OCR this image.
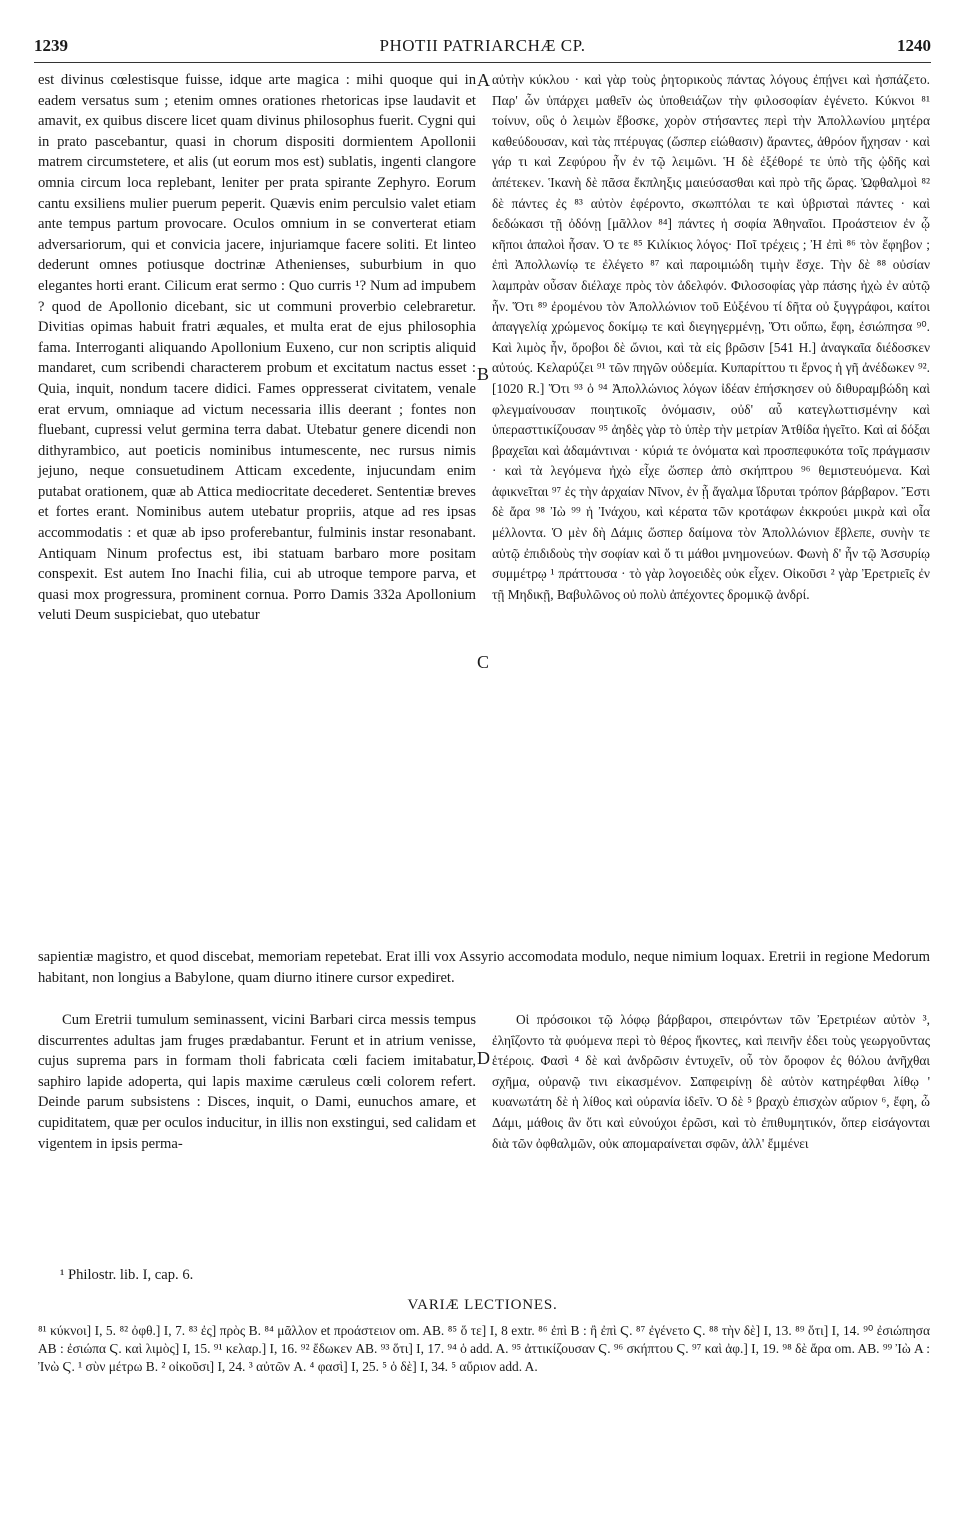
1239	PHOTII PATRIARCHÆ CP.	1240

est divinus cœlestisque fuisse, idque arte magica : mihi quoque qui in eadem versatus sum ; etenim omnes orationes rhetoricas ipse laudavit et amavit, ex quibus discere licet quam divinus philosophus fuerit. Cygni qui in prato pascebantur, quasi in chorum dispositi dormientem Apollonii matrem circumstetere, et alis (ut eorum mos est) sublatis, ingenti clangore omnia circum loca replebant, leniter per prata spirante Zephyro. Eorum cantu exsiliens mulier puerum peperit. Quævis enim perculsio valet etiam ante tempus partum provocare. Oculos omnium in se converterat etiam adversariorum, qui et convicia jacere, injuriamque facere soliti. Et linteo dederunt omnes potiusque doctrinæ Athenienses, suburbium in quo elegantes horti erant. Cilicum erat sermo : Quo curris ¹? Num ad impubem ? quod de Apollonio dicebant, sic ut communi proverbio celebraretur. Divitias opimas habuit fratri æquales, et multa erat de ejus philosophia fama. Interroganti aliquando Apollonium Euxeno, cur non scriptis aliquid mandaret, cum scribendi characterem probum et excitatum nactus esset : Quia, inquit, nondum tacere didici. Fames oppresserat civitatem, venale erat ervum, omniaque ad victum necessaria illis deerant ; fontes non fluebant, cupressi velut germina terra dabat. Utebatur genere dicendi non dithyrambico, aut poeticis nominibus intumescente, nec rursus nimis jejuno, neque consuetudinem Atticam excedente, injucundam enim putabat orationem, quæ ab Attica mediocritate decederet. Sententiæ breves et fortes erant. Nominibus autem utebatur propriis, atque ad res ipsas accommodatis : et quæ ab ipso proferebantur, fulminis instar resonabant. Antiquam Ninum profectus est, ibi statuam barbaro more positam conspexit. Est autem Ino Inachi filia, cui ab utroque tempore parva, et quasi mox progressura, prominent cornua. Porro Damis 332a Apollonium veluti Deum suspiciebat, quo utebatur

αὐτὴν κύκλου · καὶ γὰρ τοὺς ῥητορικοὺς πάντας λόγους ἐπῄνει καὶ ἠσπάζετο. Παρ' ὧν ὑπάρχει μαθεῖν ὡς ὑποθειάζων τὴν φιλοσοφίαν ἐγένετο. Κύκνοι ⁸¹ τοίνυν, οὓς ὁ λειμὼν ἔβοσκε, χορὸν στήσαντες περὶ τὴν Ἀπολλωνίου μητέρα καθεύδουσαν, καὶ τὰς πτέρυγας (ὥσπερ εἰώθασιν) ἄραντες, ἀθρόον ἤχησαν · καὶ γάρ τι καὶ Ζεφύρου ἦν ἐν τῷ λειμῶνι. Ἡ δὲ ἐξέθορέ τε ὑπὸ τῆς ᾠδῆς καὶ ἀπέτεκεν. Ἱκανὴ δὲ πᾶσα ἔκπληξις μαιεύσασθαι καὶ πρὸ τῆς ὥρας. Ὠφθαλμοὶ ⁸² δὲ πάντες ἐς ⁸³ αὐτὸν ἐφέροντο, σκωπτόλαι τε καὶ ὑβρισταὶ πάντες · καὶ δεδώκασι τῇ ὀδόνῃ [μᾶλλον ⁸⁴] πάντες ἡ σοφία Ἀθηναῖοι. Προάστειον ἐν ᾧ κῆποι ἁπαλοὶ ἦσαν. Ὁ τε ⁸⁵ Κιλίκιος λόγος· Ποῖ τρέχεις ; Ἠ ἐπὶ ⁸⁶ τὸν ἔφηβον ; ἐπὶ Ἀπολλωνίῳ τε ἐλέγετο ⁸⁷ καὶ παροιμιώδη τιμὴν ἔσχε. Τὴν δὲ ⁸⁸ οὐσίαν λαμπρὰν οὖσαν διέλαχε πρὸς τὸν ἀδελφόν. Φιλοσοφίας γὰρ πάσης ἠχὼ ἐν αὐτῷ ἦν. Ὅτι ⁸⁹ ἐρομένου τὸν Ἀπολλώνιον τοῦ Εὐξένου τί δῆτα οὐ ξυγγράφοι, καίτοι ἀπαγγελίᾳ χρώμενος δοκίμῳ τε καὶ διεγηγερμένῃ, Ὅτι οὔπω, ἔφη, ἐσιώπησα ⁹⁰. Καὶ λιμὸς ἦν, ὄροβοι δὲ ὤνιοι, καὶ τὰ εἰς βρῶσιν [541 H.] ἀναγκαῖα διέδοσκεν αὐτούς. Κελαρύζει ⁹¹ τῶν πηγῶν οὐδεμία. Κυπαρίττου τι ἔρνος ἡ γῆ ἀνέδωκεν ⁹². [1020 R.] Ὅτι ⁹³ ὁ ⁹⁴ Ἀπολλώνιος λόγων ἰδέαν ἐπήσκησεν οὐ διθυραμβώδη καὶ φλεγμαίνουσαν ποιητικοῖς ὀνόμασιν, οὐδ' αὖ κατεγλωττισμένην καὶ ὑπερασττικίζουσαν ⁹⁵ ἀηδὲς γὰρ τὸ ὑπὲρ τὴν μετρίαν Ἀτθίδα ἡγεῖτο. Καὶ αἱ δόξαι βραχεῖαι καὶ ἀδαμάντιναι · κύριά τε ὀνόματα καὶ προσπεφυκότα τοῖς πράγμασιν · καὶ τὰ λεγόμενα ἠχὼ εἶχε ὥσπερ ἀπὸ σκήπτρου ⁹⁶ θεμιστευόμενα. Καὶ ἀφικνεῖται ⁹⁷ ἐς τὴν ἀρχαίαν Νῖνον, ἐν ᾗ ἄγαλμα ἵδρυται τρόπον βάρβαρον. Ἔστι δὲ ἄρα ⁹⁸ Ἰὼ ⁹⁹ ἡ Ἰνάχου, καὶ κέρατα τῶν κροτάφων ἐκκρούει μικρὰ καὶ οἷα μέλλοντα. Ὁ μὲν δὴ Δάμις ὥσπερ δαίμονα τὸν Ἀπολλώνιον ἔβλεπε, συνὴν τε αὐτῷ ἐπιδιδοὺς τὴν σοφίαν καὶ ὅ τι μάθοι μνημονεύων. Φωνὴ δ' ἦν τῷ Ἀσσυρίῳ συμμέτρῳ ¹ πράττουσα · τὸ γὰρ λογοειδὲς οὐκ εἶχεν. Οἰκοῦσι ² γὰρ Ἐρετριεῖς ἐν τῇ Μηδικῇ, Βαβυλῶνος οὐ πολὺ ἀπέχοντες δρομικῷ ἀνδρί.

A
B
C
D

sapientiæ magistro, et quod discebat, memoriam repetebat. Erat illi vox Assyrio accomodata modulo, neque nimium loquax. Eretrii in regione Medorum habitant, non longius a Babylone, quam diurno itinere cursor expediret.

Cum Eretrii tumulum seminassent, vicini Barbari circa messis tempus discurrentes adultas jam fruges prædabantur. Ferunt et in atrium venisse, cujus suprema pars in formam tholi fabricata cœli faciem imitabatur, saphiro lapide adoperta, qui lapis maxime cæruleus cœli colorem refert. Deinde parum subsistens : Disces, inquit, o Dami, eunuchos amare, et cupiditatem, quæ per oculos inducitur, in illis non exstingui, sed calidam et vigentem in ipsis perma-

Οἱ πρόσοικοι τῷ λόφῳ βάρβαροι, σπειρόντων τῶν Ἐρετριέων αὐτὸν ³, ἐληΐζοντο τὰ φυόμενα περὶ τὸ θέρος ἥκοντες, καὶ πεινῆν ἐδει τοὺς γεωργοῦντας ἑτέροις. Φασὶ ⁴ δὲ καὶ ἀνδρῶσιν ἐντυχεῖν, οὗ τὸν ὄροφον ἐς θόλου ἀνῆχθαι σχῆμα, οὐρανῷ τινι εἰκασμένον. Σαπφειρίνῃ δὲ αὐτὸν κατηρέφθαι λίθῳ ' κυανωτάτη δὲ ἡ λίθος καὶ οὐρανία ἰδεῖν. Ὁ δὲ ⁵ βραχὺ ἐπισχὼν αὔριον ⁶, ἔφη, ὦ Δάμι, μάθοις ἂν ὅτι καὶ εὐνούχοι ἐρῶσι, καὶ τὸ ἐπιθυμητικόν, ὅπερ εἰσάγονται διὰ τῶν ὀφθαλμῶν, οὐκ απομαραίνεται σφῶν, ἀλλ' ἔμμένει

¹ Philostr. lib. I, cap. 6.
VARIÆ LECTIONES.

⁸¹ κύκνοι] I, 5. ⁸² ὀφθ.] I, 7. ⁸³ ἐς] πρὸς B. ⁸⁴ μᾶλλον et προάστειον om. AB. ⁸⁵ ὅ τε] I, 8 extr. ⁸⁶ ἐπὶ B : ἢ ἐπὶ Ϛ. ⁸⁷ ἐγένετο Ϛ. ⁸⁸ τὴν δὲ] I, 13. ⁸⁹ ὅτι] I, 14. ⁹⁰ ἐσιώπησα AB : ἐσιώπα Ϛ. καὶ λιμὸς] I, 15. ⁹¹ κελαρ.] I, 16. ⁹² ἔδωκεν AB. ⁹³ ὅτι] I, 17. ⁹⁴ ὁ add. A. ⁹⁵ ἀττικίζουσαν Ϛ. ⁹⁶ σκήπτου Ϛ. ⁹⁷ καὶ ἀφ.] I, 19. ⁹⁸ δὲ ἄρα om. AB. ⁹⁹ Ἰὼ A : Ἰνὼ Ϛ. ¹ σὺν μέτρω B. ² οἰκοῦσι] I, 24. ³ αὐτῶν A. ⁴ φασὶ] I, 25. ⁵ ὁ δὲ] I, 34. ⁵ αὔριον add. A.
